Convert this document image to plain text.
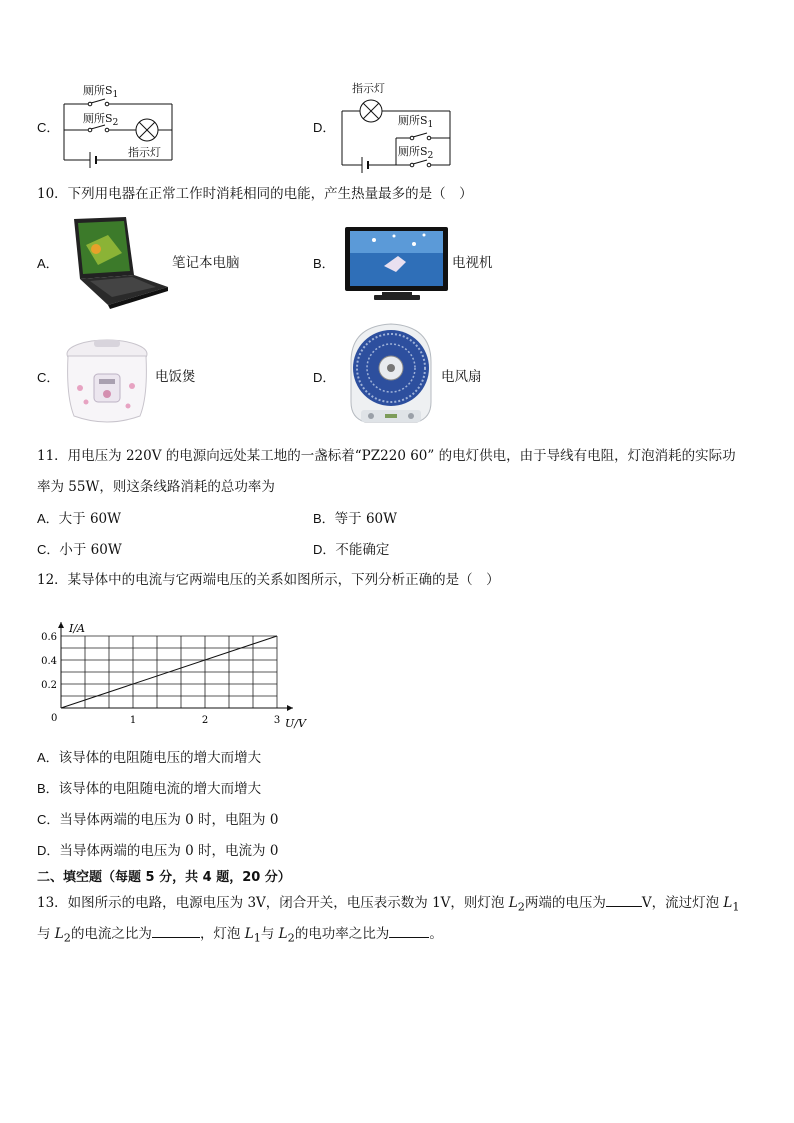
C．
厕所$S_1$
厕所$S_2$
指示灯
D．
指示灯
厕所$S_1$
厕所$S_2$
10．下列用电器在正常工作时消耗相同的电能，产生热量最多的是（　）
A．	笔记本电脑	B．	电视机
C．	电饭煲	D．	电风扇
11．用电压为 220V 的电源向远处某工地的一盏标着“PZ220 60” 的电灯供电，由于导线有电阻，灯泡消耗的实际功
率为 55W，则这条线路消耗的总功率为
A．大于 60W	B．等于 60W
C．小于 60W	D．不能确定
12．某导体中的电流与它两端电压的关系如图所示，下列分析正确的是（　）
0.2
0.4
0.6
1	2	3
0
I/A
U/V
A．该导体的电阻随电压的增大而增大
B．该导体的电阻随电流的增大而增大
C．当导体两端的电压为 0 时，电阻为 0
D．当导体两端的电压为 0 时，电流为 0
二、填空题（每题 5 分，共 4 题，20 分）
13．如图所示的电路，电源电压为 3V，闭合开关，电压表示数为 1V，则灯泡 $L_2$两端的电压为	V，流过灯泡 $L_1$
与 $L_2$的电流之比为	，灯泡 $L_1$与 $L_2$的电功率之比为	。
